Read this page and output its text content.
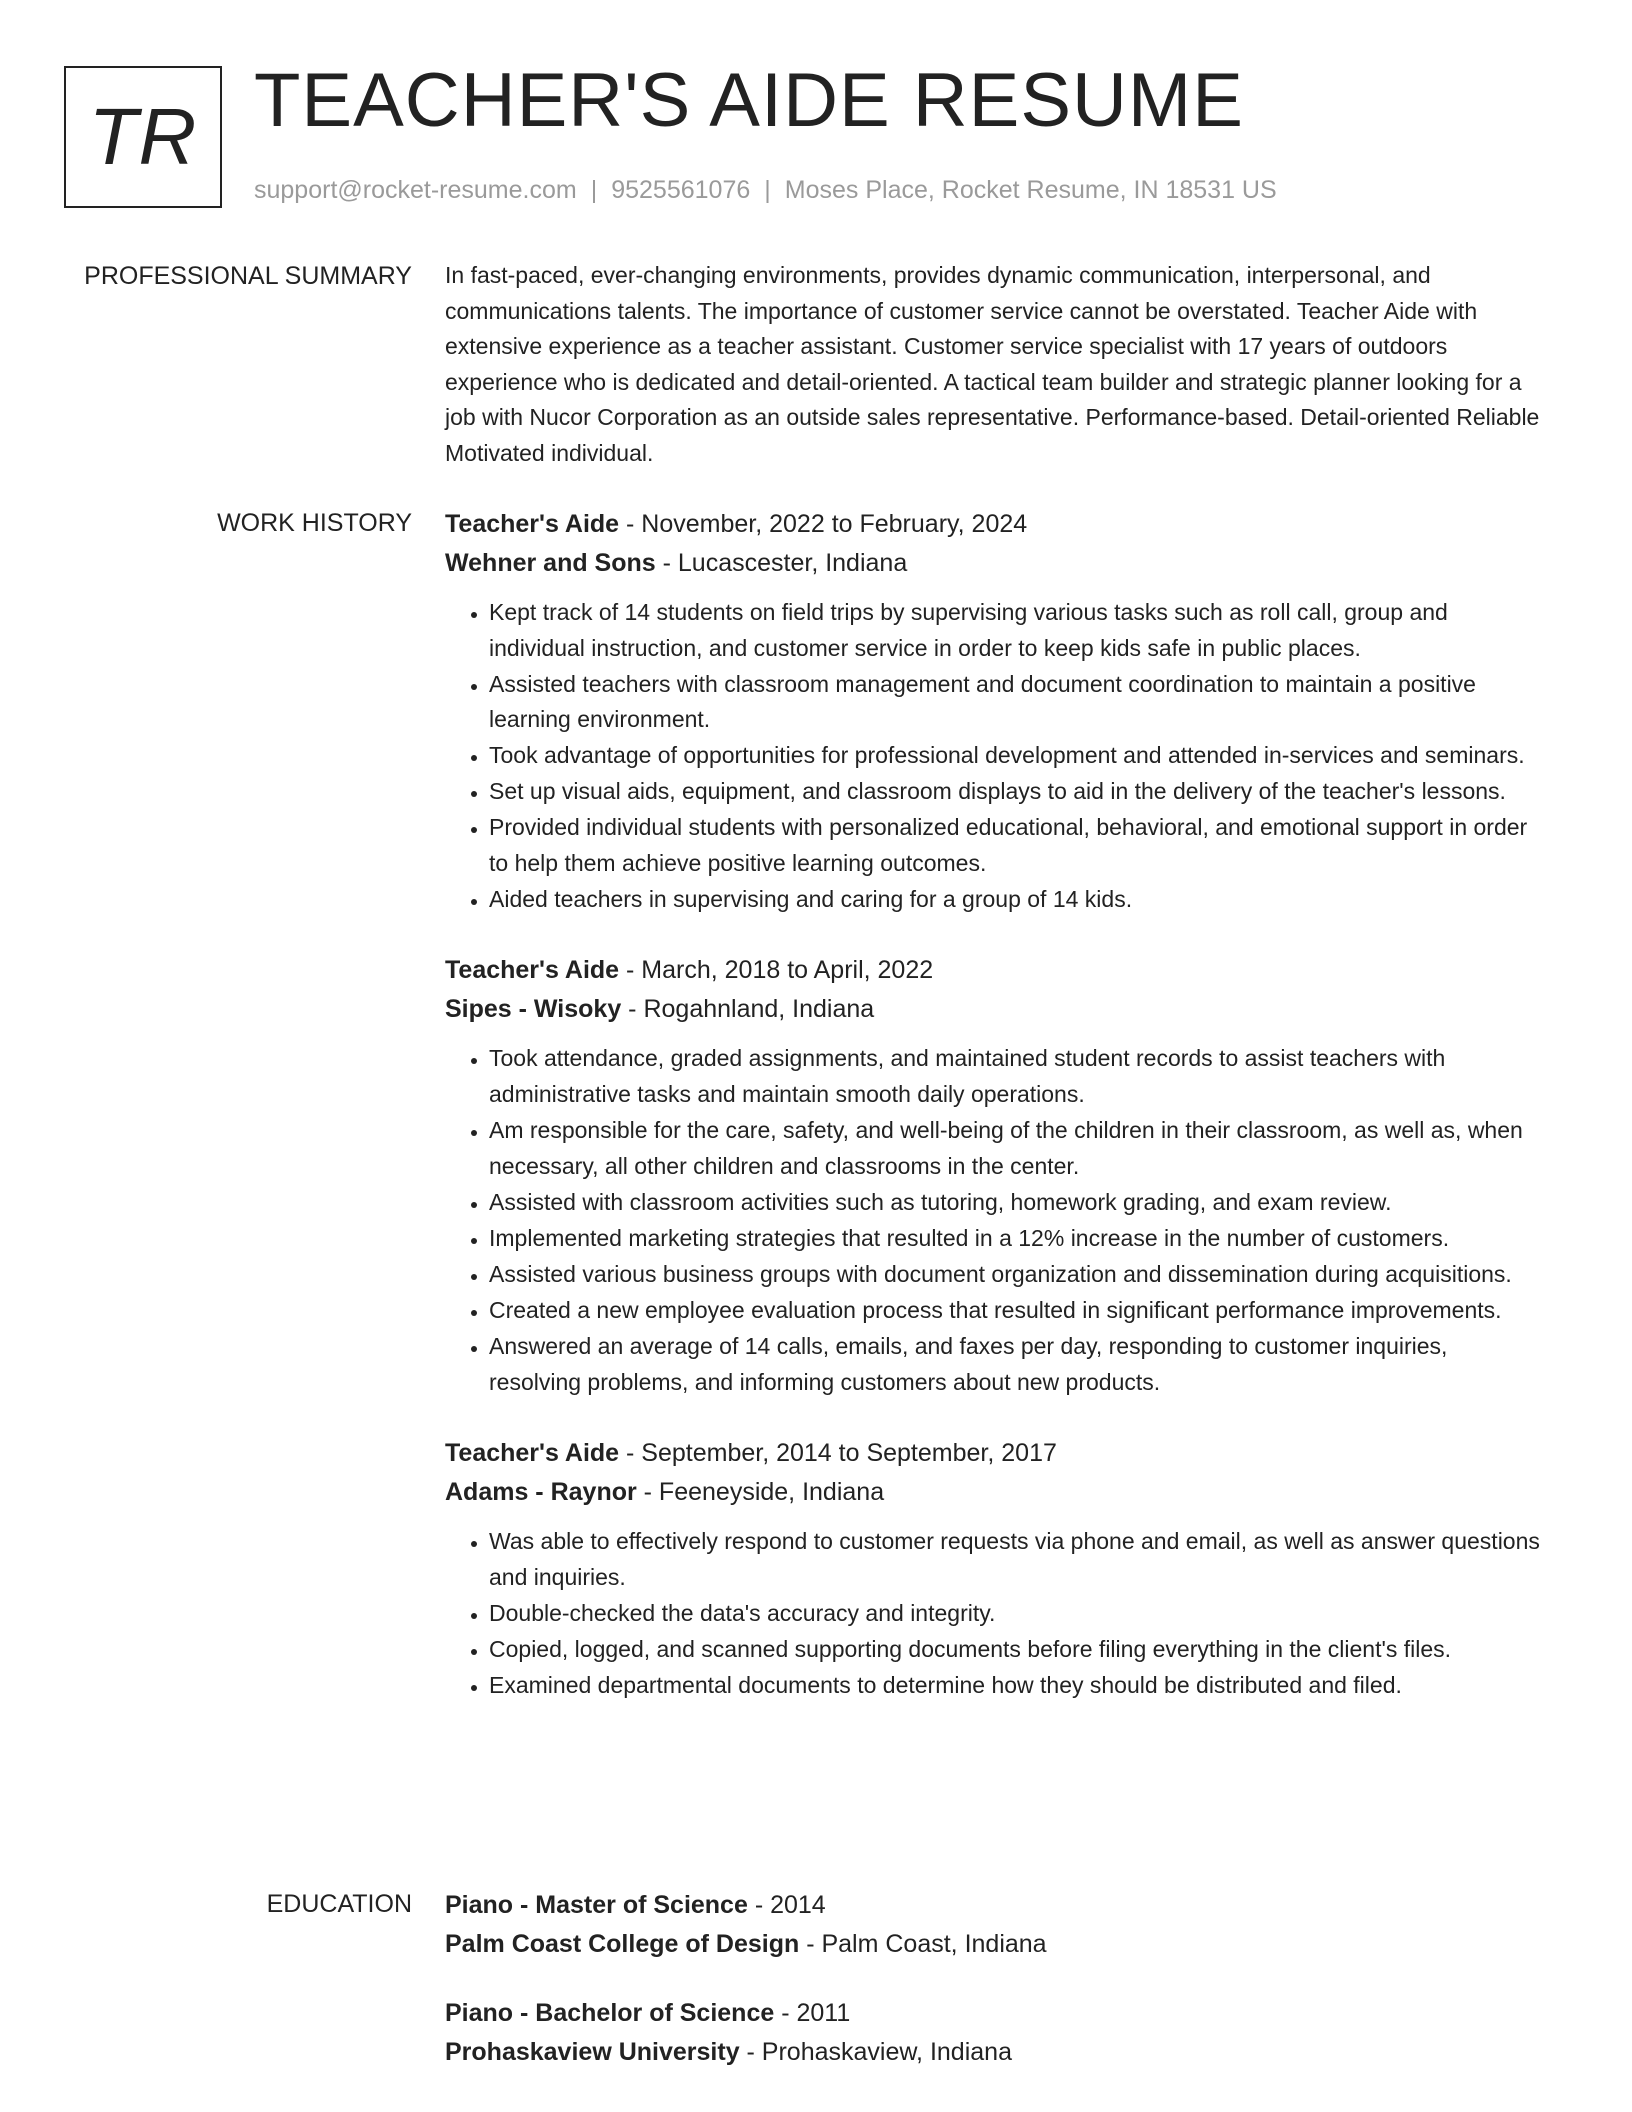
TR TEACHER'S AIDE RESUME
support@rocket-resume.com | 9525561076 | Moses Place, Rocket Resume, IN 18531 US
PROFESSIONAL SUMMARY In fast-paced, ever-changing environments, provides dynamic communication, interpersonal, and communications talents. The importance of customer service cannot be overstated. Teacher Aide with extensive experience as a teacher assistant. Customer service specialist with 17 years of outdoors experience who is dedicated and detail-oriented. A tactical team builder and strategic planner looking for a job with Nucor Corporation as an outside sales representative. Performance-based. Detail-oriented Reliable Motivated individual.

WORK HISTORY Teacher's Aide - November, 2022 to February, 2024
Wehner and Sons - Lucascester, Indiana
• Kept track of 14 students on field trips by supervising various tasks such as roll call, group and individual instruction, and customer service in order to keep kids safe in public places.
• Assisted teachers with classroom management and document coordination to maintain a positive learning environment.
• Took advantage of opportunities for professional development and attended in-services and seminars.
• Set up visual aids, equipment, and classroom displays to aid in the delivery of the teacher's lessons.
• Provided individual students with personalized educational, behavioral, and emotional support in order to help them achieve positive learning outcomes.
• Aided teachers in supervising and caring for a group of 14 kids.
Teacher's Aide - March, 2018 to April, 2022
Sipes - Wisoky - Rogahnland, Indiana
• Took attendance, graded assignments, and maintained student records to assist teachers with administrative tasks and maintain smooth daily operations.
• Am responsible for the care, safety, and well-being of the children in their classroom, as well as, when necessary, all other children and classrooms in the center.
• Assisted with classroom activities such as tutoring, homework grading, and exam review.
• Implemented marketing strategies that resulted in a 12% increase in the number of customers.
• Assisted various business groups with document organization and dissemination during acquisitions.
• Created a new employee evaluation process that resulted in significant performance improvements.
• Answered an average of 14 calls, emails, and faxes per day, responding to customer inquiries, resolving problems, and informing customers about new products.
Teacher's Aide - September, 2014 to September, 2017
Adams - Raynor - Feeneyside, Indiana
• Was able to effectively respond to customer requests via phone and email, as well as answer questions and inquiries.
• Double-checked the data's accuracy and integrity.
• Copied, logged, and scanned supporting documents before filing everything in the client's files.
• Examined departmental documents to determine how they should be distributed and filed.
EDUCATION Piano - Master of Science - 2014
Palm Coast College of Design - Palm Coast, Indiana
Piano - Bachelor of Science - 2011
Prohaskaview University - Prohaskaview, Indiana
